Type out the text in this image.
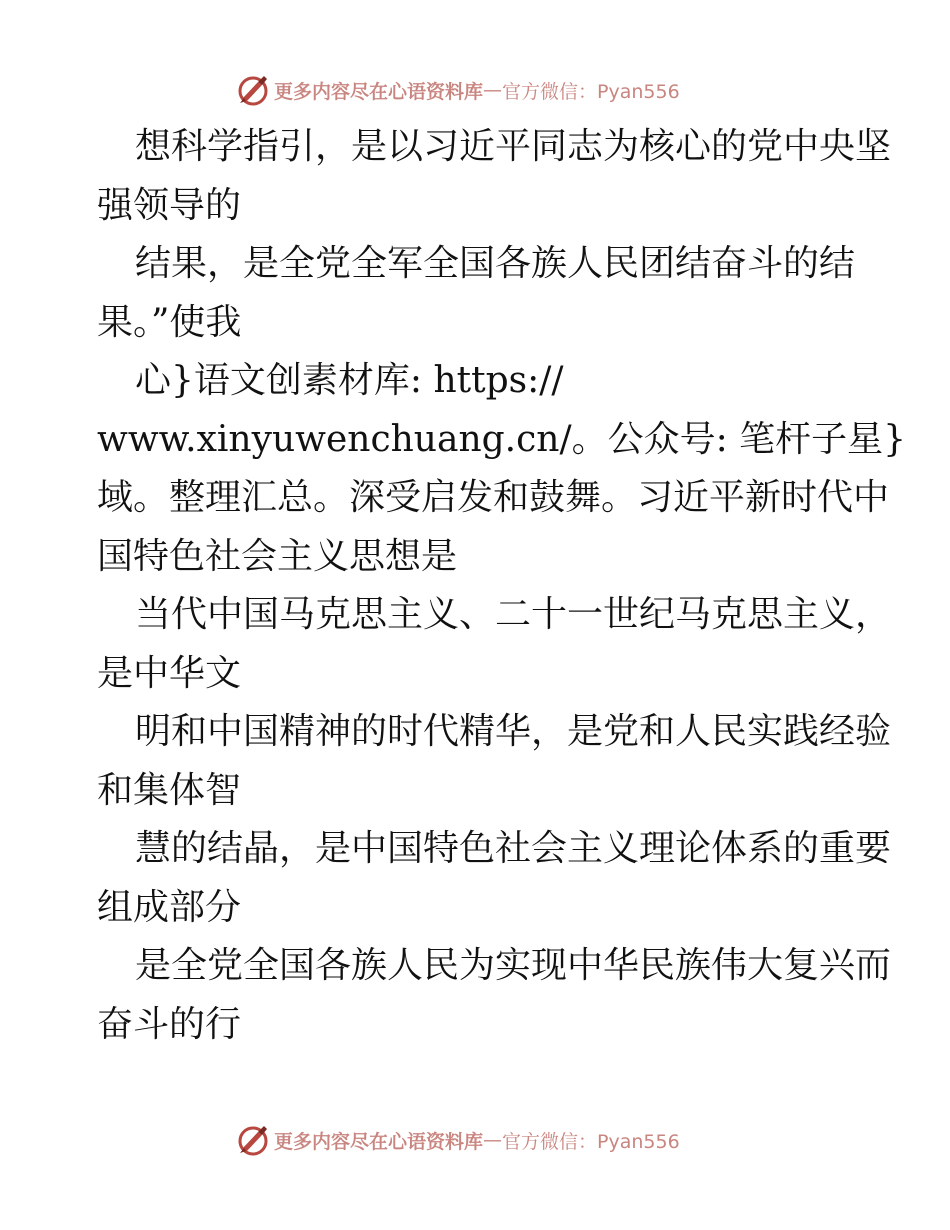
更多内容尽在心语资料库 — 官方微信：Pyan556
想科学指引，是以习近平同志为核心的党中央坚
强领导的
结果，是全党全军全国各族人民团结奋斗的结
果。”使我
心}语文创素材库: https://
www.xinyuwenchuang.cn/。公众号: 笔杆子星}
域。整理汇总。深受启发和鼓舞。习近平新时代中
国特色社会主义思想是
当代中国马克思主义、二十一世纪马克思主义，
是中华文
明和中国精神的时代精华，是党和人民实践经验
和集体智
慧的结晶，是中国特色社会主义理论体系的重要
组成部分
是全党全国各族人民为实现中华民族伟大复兴而
奋斗的行
更多内容尽在心语资料库 — 官方微信：Pyan556
